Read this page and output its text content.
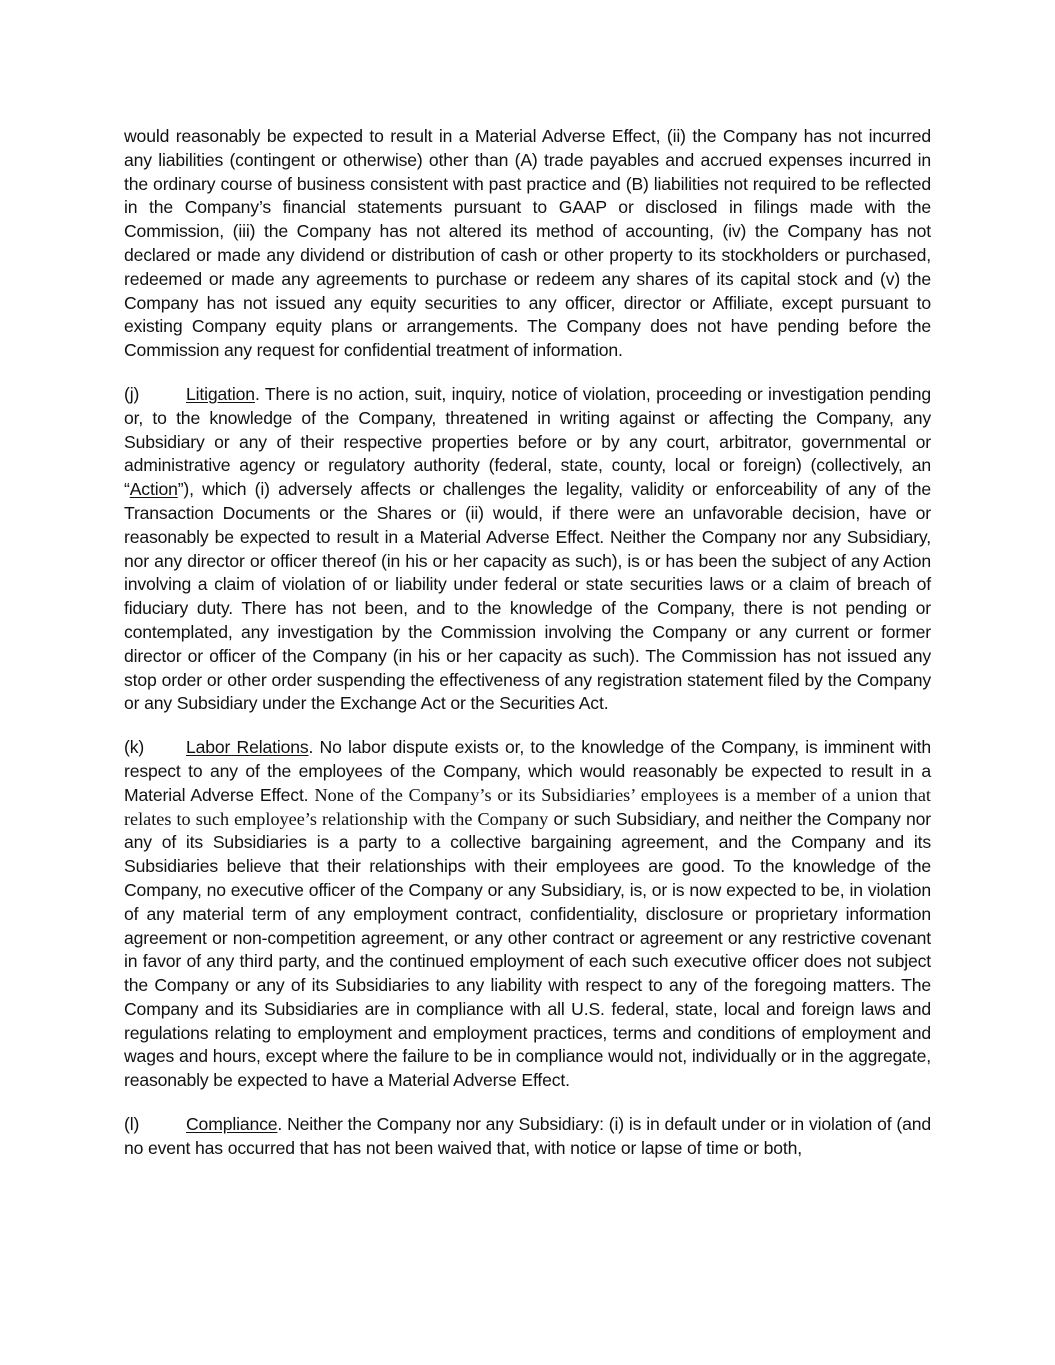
would reasonably be expected to result in a Material Adverse Effect, (ii) the Company has not incurred any liabilities (contingent or otherwise) other than (A) trade payables and accrued expenses incurred in the ordinary course of business consistent with past practice and (B) liabilities not required to be reflected in the Company’s financial statements pursuant to GAAP or disclosed in filings made with the Commission, (iii) the Company has not altered its method of accounting, (iv) the Company has not declared or made any dividend or distribution of cash or other property to its stockholders or purchased, redeemed or made any agreements to purchase or redeem any shares of its capital stock and (v) the Company has not issued any equity securities to any officer, director or Affiliate, except pursuant to existing Company equity plans or arrangements. The Company does not have pending before the Commission any request for confidential treatment of information.

(j)	Litigation. There is no action, suit, inquiry, notice of violation, proceeding or investigation pending or, to the knowledge of the Company, threatened in writing against or affecting the Company, any Subsidiary or any of their respective properties before or by any court, arbitrator, governmental or administrative agency or regulatory authority (federal, state, county, local or foreign) (collectively, an “Action”), which (i) adversely affects or challenges the legality, validity or enforceability of any of the Transaction Documents or the Shares or (ii) would, if there were an unfavorable decision, have or reasonably be expected to result in a Material Adverse Effect. Neither the Company nor any Subsidiary, nor any director or officer thereof (in his or her capacity as such), is or has been the subject of any Action involving a claim of violation of or liability under federal or state securities laws or a claim of breach of fiduciary duty. There has not been, and to the knowledge of the Company, there is not pending or contemplated, any investigation by the Commission involving the Company or any current or former director or officer of the Company (in his or her capacity as such). The Commission has not issued any stop order or other order suspending the effectiveness of any registration statement filed by the Company or any Subsidiary under the Exchange Act or the Securities Act.

(k) Labor Relations. No labor dispute exists or, to the knowledge of the Company, is imminent with respect to any of the employees of the Company, which would reasonably be expected to result in a Material Adverse Effect. None of the Company’s or its Subsidiaries’ employees is a member of a union that relates to such employee’s relationship with the Company or such Subsidiary, and neither the Company nor any of its Subsidiaries is a party to a collective bargaining agreement, and the Company and its Subsidiaries believe that their relationships with their employees are good. To the knowledge of the Company, no executive officer of the Company or any Subsidiary, is, or is now expected to be, in violation of any material term of any employment contract, confidentiality, disclosure or proprietary information agreement or non-competition agreement, or any other contract or agreement or any restrictive covenant in favor of any third party, and the continued employment of each such executive officer does not subject the Company or any of its Subsidiaries to any liability with respect to any of the foregoing matters. The Company and its Subsidiaries are in compliance with all U.S. federal, state, local and foreign laws and regulations relating to employment and employment practices, terms and conditions of employment and wages and hours, except where the failure to be in compliance would not, individually or in the aggregate, reasonably be expected to have a Material Adverse Effect.

(l)	Compliance. Neither the Company nor any Subsidiary: (i) is in default under or in violation of (and no event has occurred that has not been waived that, with notice or lapse of time or both,
